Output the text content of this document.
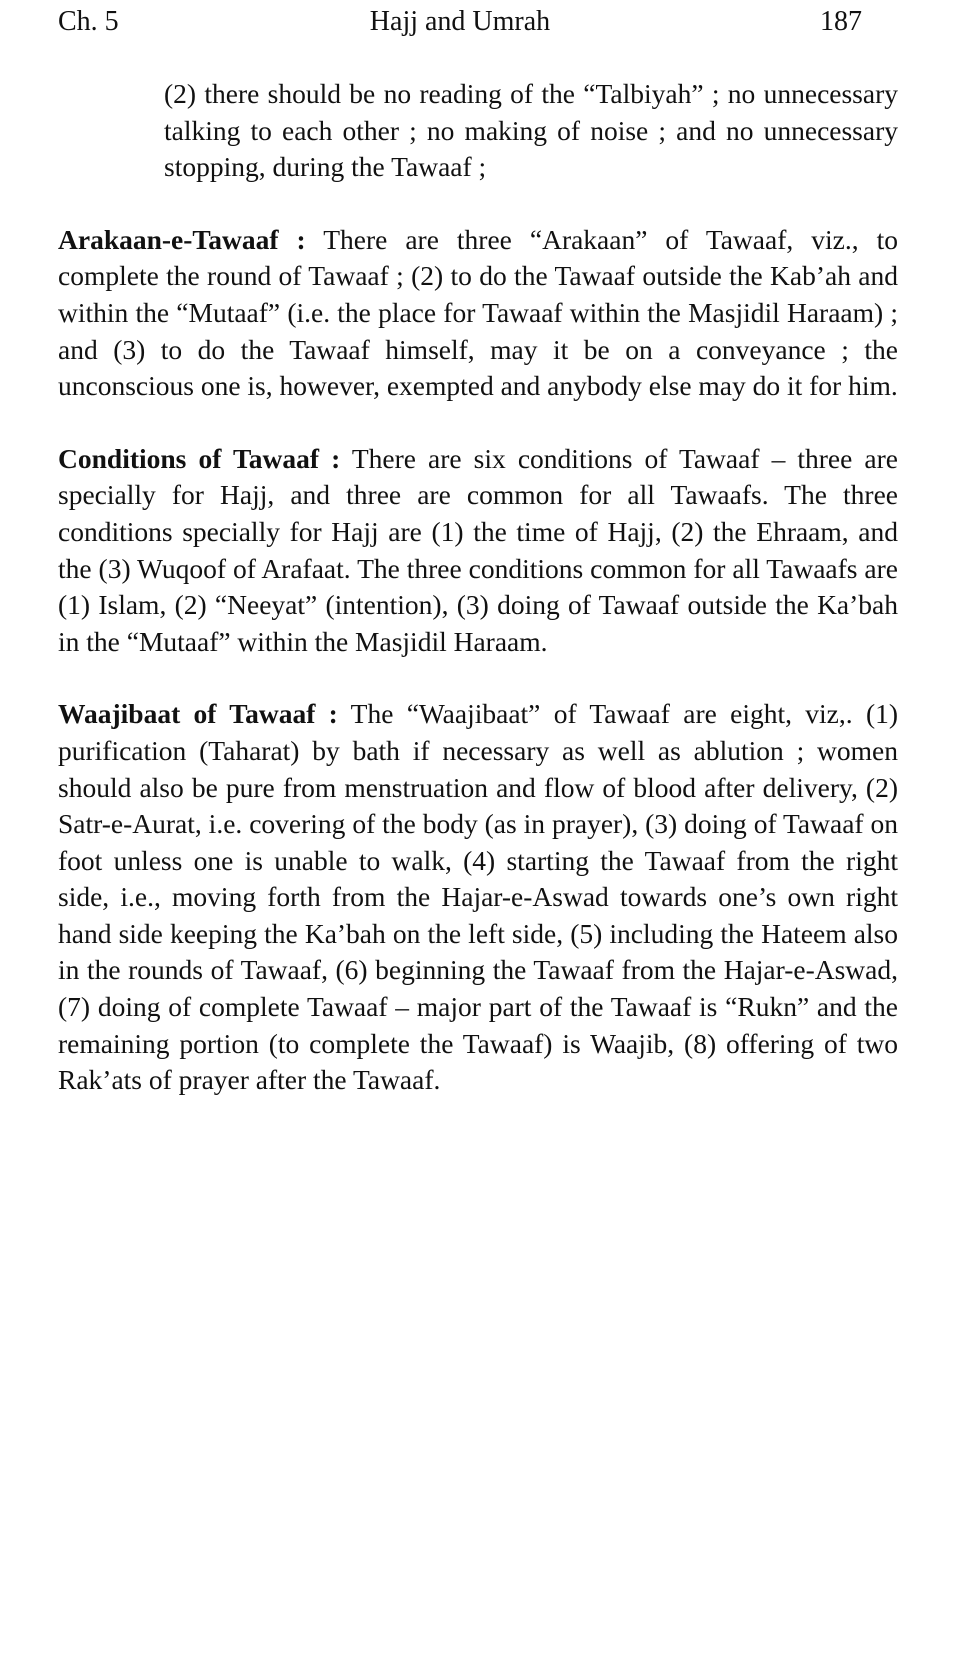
Ch. 5	Hajj and Umrah	187

(2) there should be no reading of the “Talbiyah” ; no unnecessary talking to each other ; no making of noise ; and no unnecessary stopping, during the Tawaaf ;

Arakaan-e-Tawaaf : There are three “Arakaan” of Tawaaf, viz., to complete the round of Tawaaf ; (2) to do the Tawaaf outside the Kab’ah and within the “Mutaaf” (i.e. the place for Tawaaf within the Masjidil Haraam) ; and (3) to do the Tawaaf himself, may it be on a conveyance ; the unconscious one is, however, exempted and anybody else may do it for him.

Conditions of Tawaaf : There are six conditions of Tawaaf – three are specially for Hajj, and three are common for all Tawaafs. The three conditions specially for Hajj are (1) the time of Hajj, (2) the Ehraam, and the (3) Wuqoof of Arafaat. The three conditions common for all Tawaafs are (1) Islam, (2) “Neeyat” (intention), (3) doing of Tawaaf outside the Ka’bah in the “Mutaaf” within the Masjidil Haraam.

Waajibaat of Tawaaf : The “Waajibaat” of Tawaaf are eight, viz,. (1) purification (Taharat) by bath if necessary as well as ablution ; women should also be pure from menstruation and flow of blood after delivery, (2) Satr-e-Aurat, i.e. covering of the body (as in prayer), (3) doing of Tawaaf on foot unless one is unable to walk, (4) starting the Tawaaf from the right side, i.e., moving forth from the Hajar-e-Aswad towards one’s own right hand side keeping the Ka’bah on the left side, (5) including the Hateem also in the rounds of Tawaaf, (6) beginning the Tawaaf from the Hajar-e-Aswad, (7) doing of complete Tawaaf – major part of the Tawaaf is “Rukn” and the remaining portion (to complete the Tawaaf) is Waajib, (8) offering of two Rak’ats of prayer after the Tawaaf.
